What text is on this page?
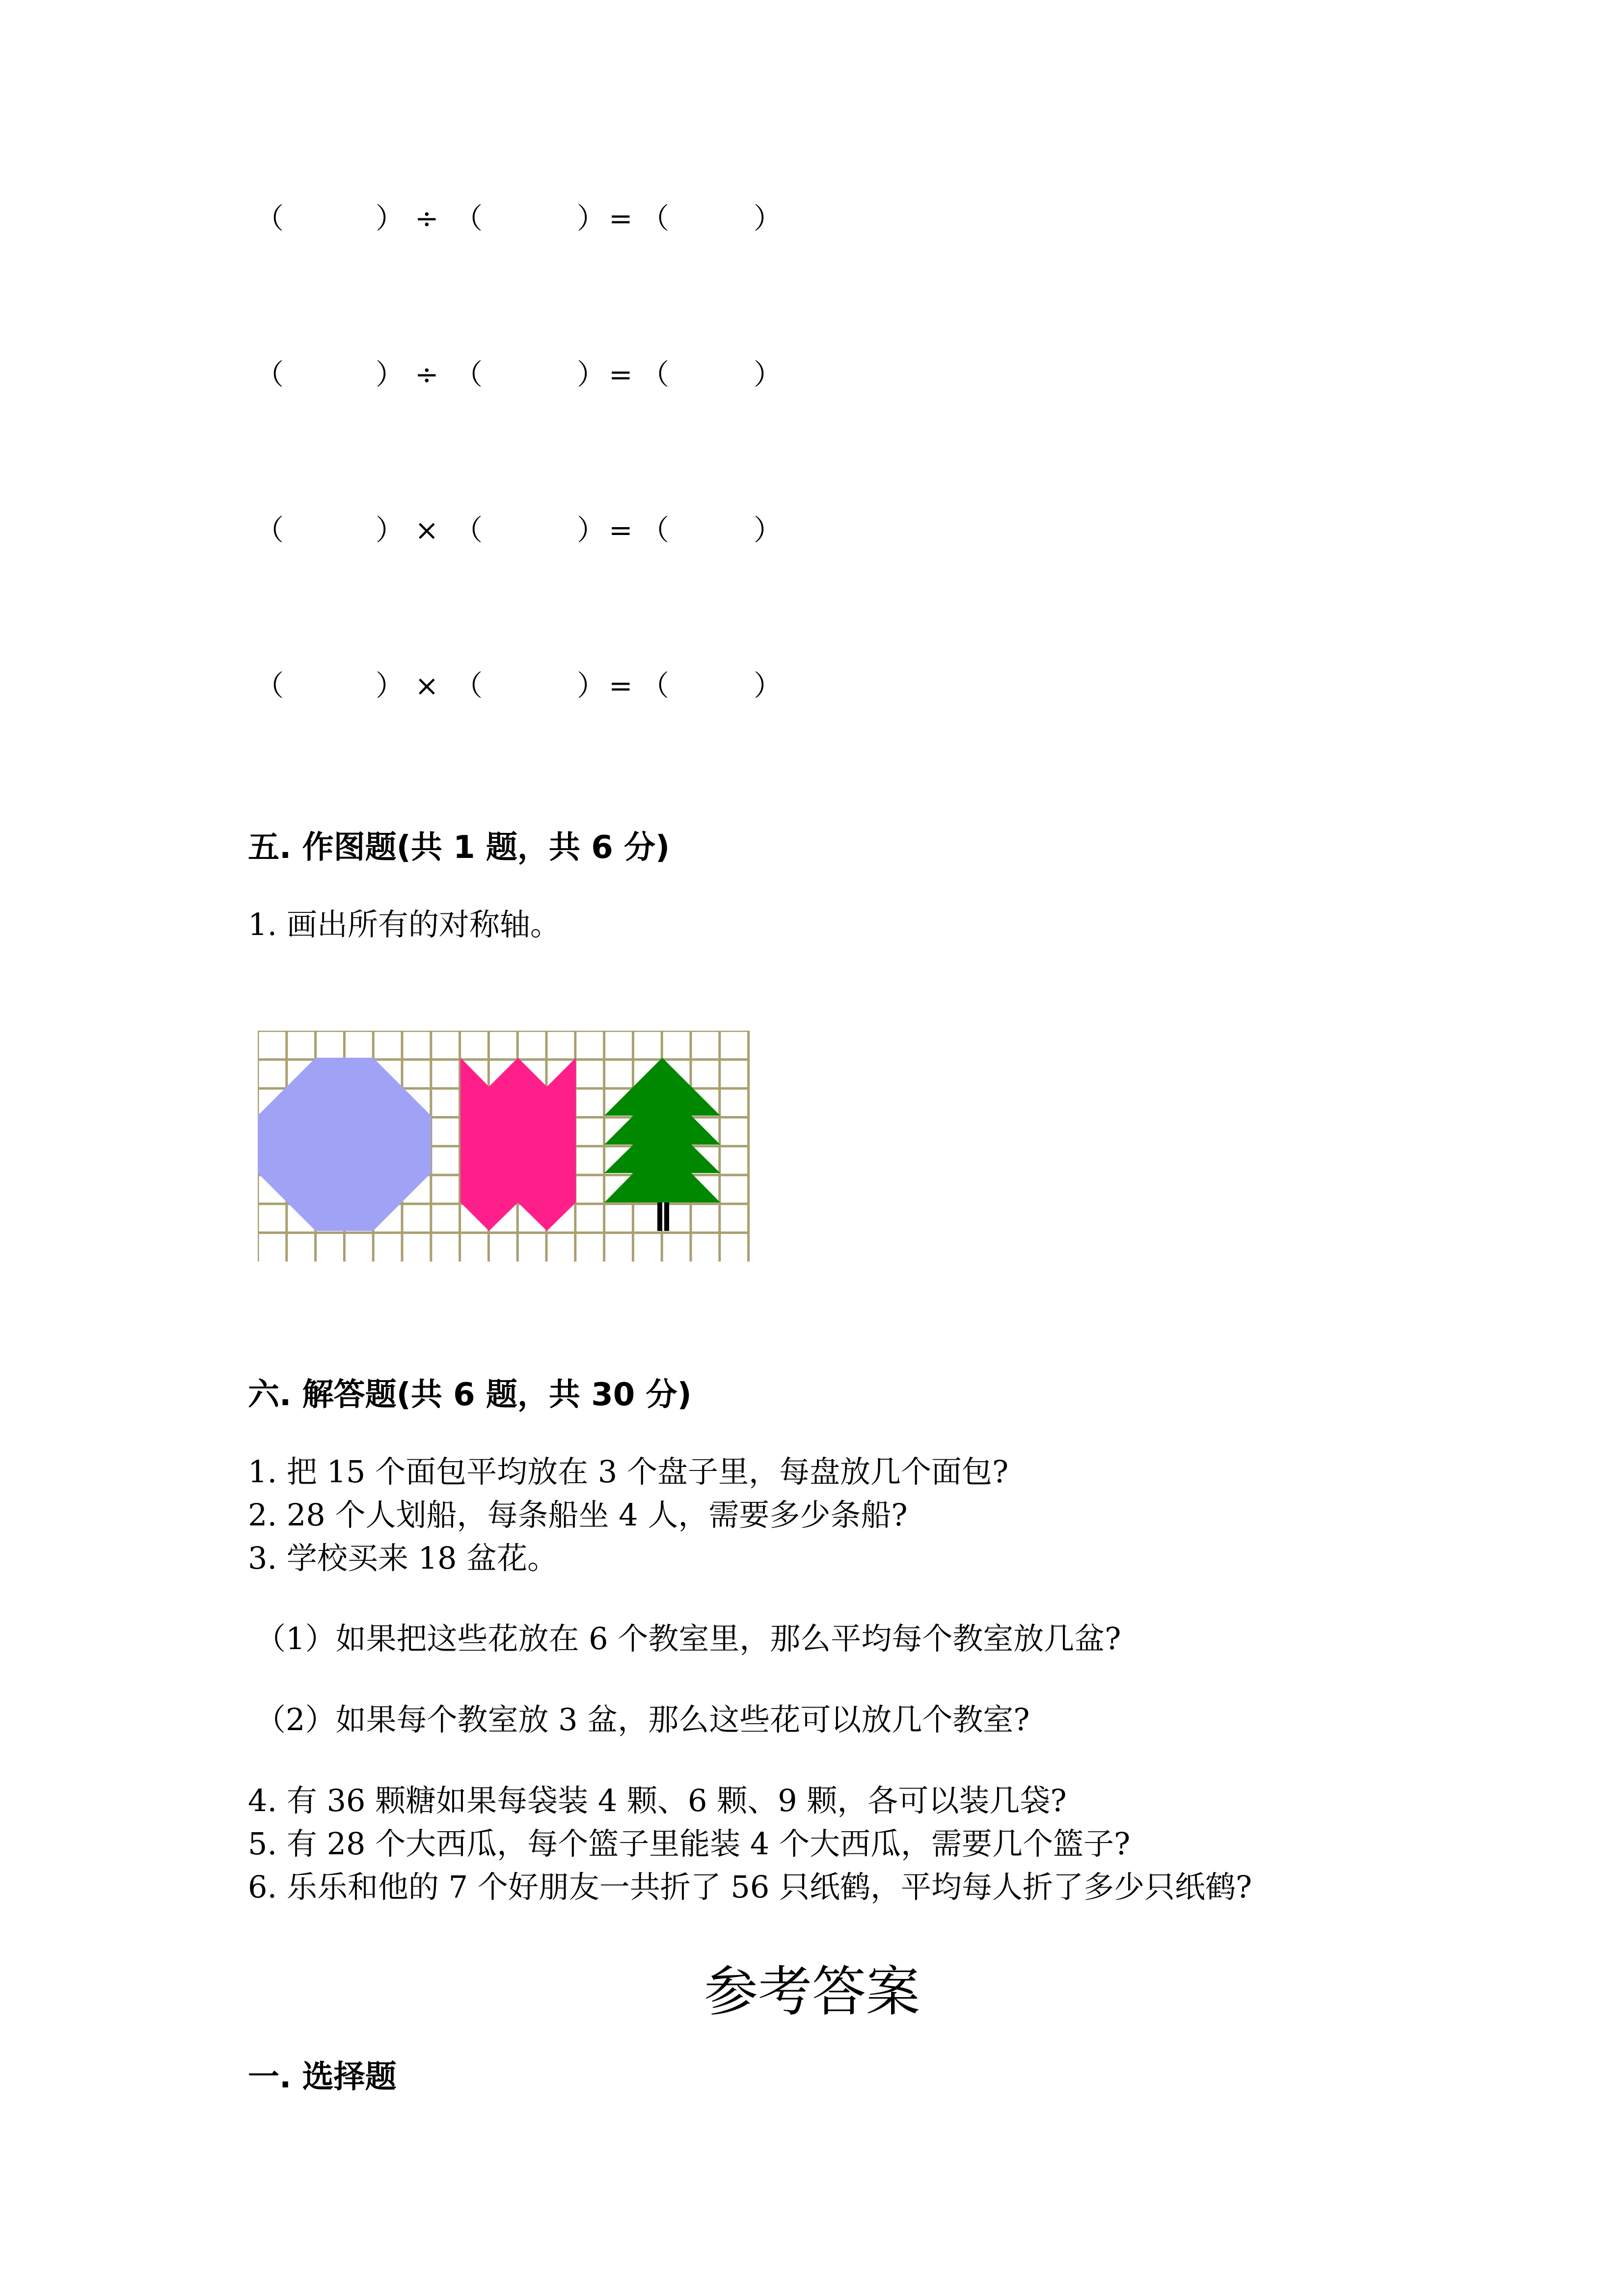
（	） ÷ （	） = （	）
（	） ÷ （	） = （	）
（	） × （	） = （	）
（	） × （	） = （	）
五. 作图题(共 1 题，共 6 分)
1. 画出所有的对称轴。
六. 解答题(共 6 题，共 30 分)
1. 把 15 个面包平均放在 3 个盘子里，每盘放几个面包?
2. 28 个人划船，每条船坐 4 人，需要多少条船?
3. 学校买来 18 盆花。
（1）如果把这些花放在 6 个教室里，那么平均每个教室放几盆?
（2）如果每个教室放 3 盆，那么这些花可以放几个教室?
4. 有 36 颗糖如果每袋装 4 颗、6 颗、9 颗，各可以装几袋?
5. 有 28 个大西瓜，每个篮子里能装 4 个大西瓜，需要几个篮子?
6. 乐乐和他的 7 个好朋友一共折了 56 只纸鹤，平均每人折了多少只纸鹤?
参考答案
一. 选择题
